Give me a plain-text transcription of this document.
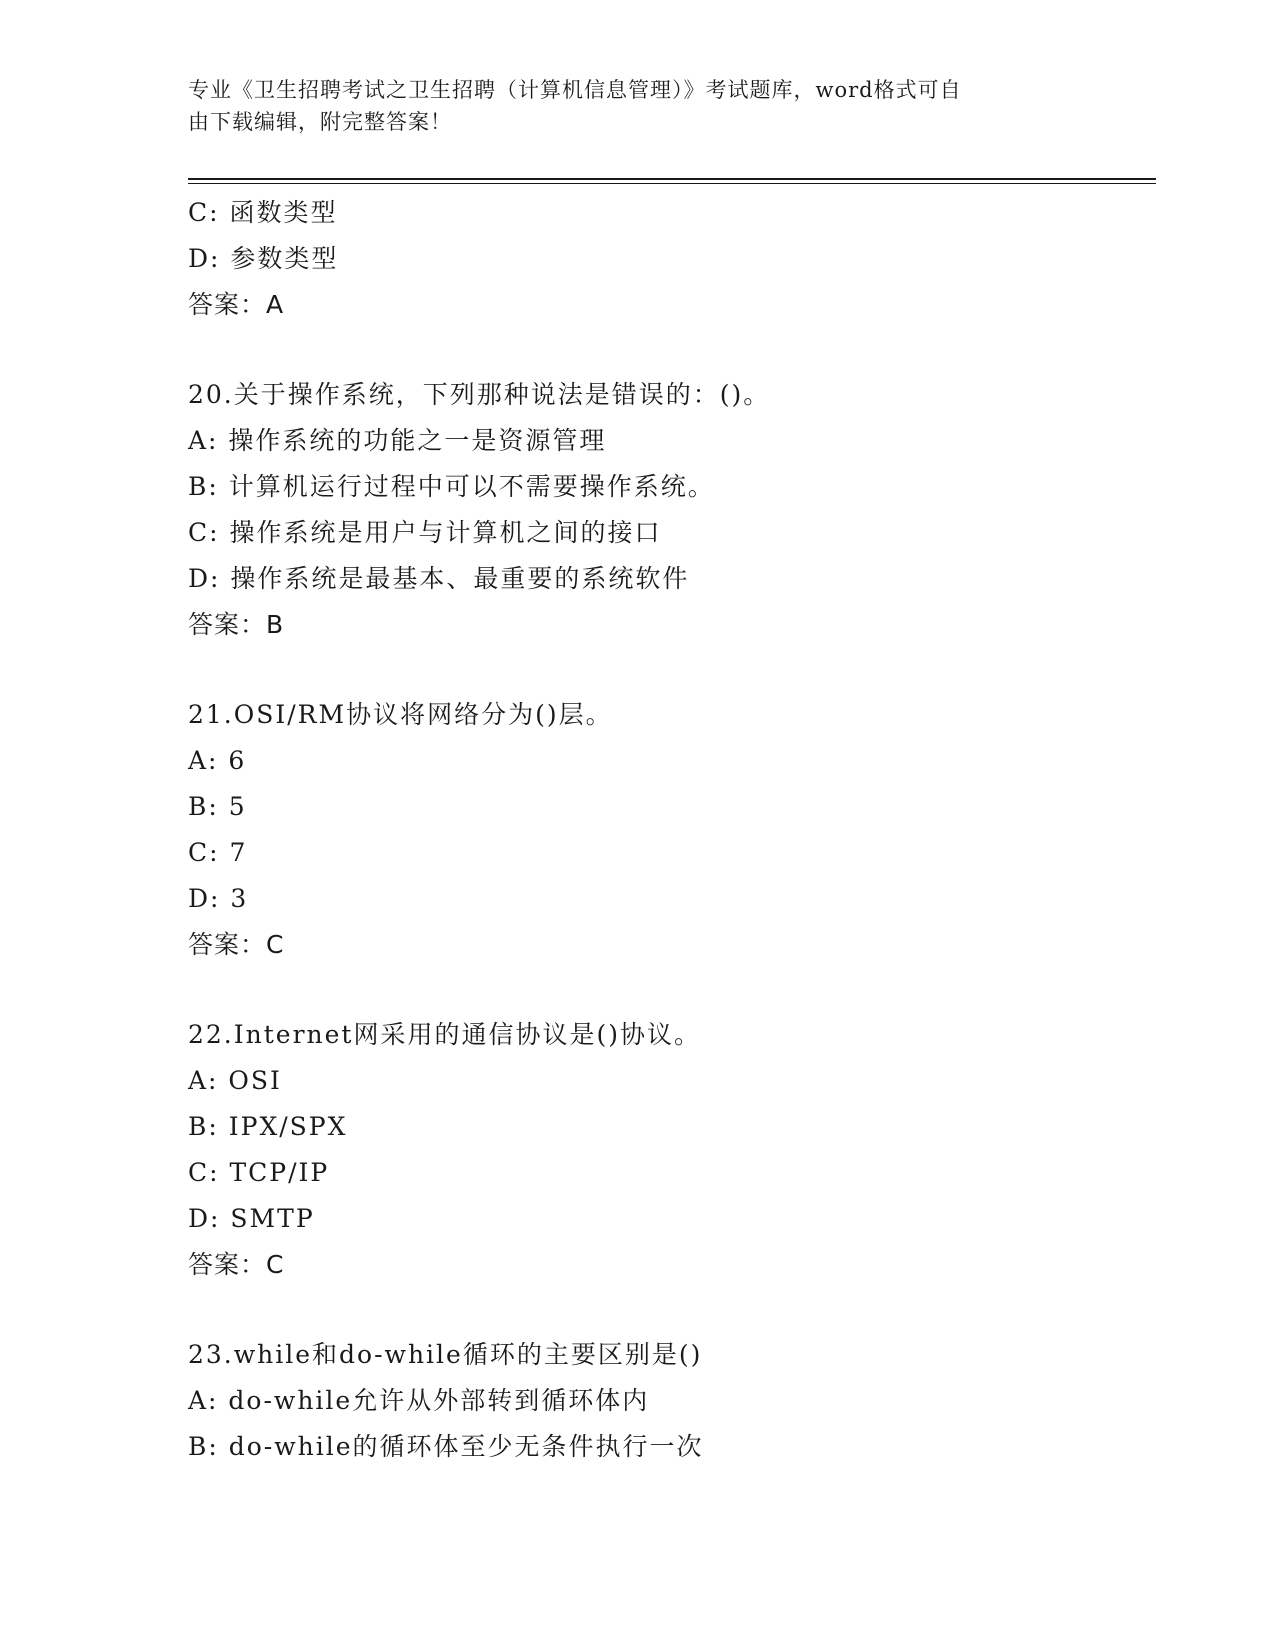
专业《卫生招聘考试之卫生招聘（计算机信息管理）》考试题库，word格式可自
由下载编辑，附完整答案！
C: 函数类型
D: 参数类型
答案：A
20.关于操作系统，下列那种说法是错误的：()。
A: 操作系统的功能之一是资源管理
B: 计算机运行过程中可以不需要操作系统。
C: 操作系统是用户与计算机之间的接口
D: 操作系统是最基本、最重要的系统软件
答案：B
21.OSI/RM协议将网络分为()层。
A: 6
B: 5
C: 7
D: 3
答案：C
22.Internet网采用的通信协议是()协议。
A: OSI
B: IPX/SPX
C: TCP/IP
D: SMTP
答案：C
23.while和do-while循环的主要区别是()
A: do-while允许从外部转到循环体内
B: do-while的循环体至少无条件执行一次
